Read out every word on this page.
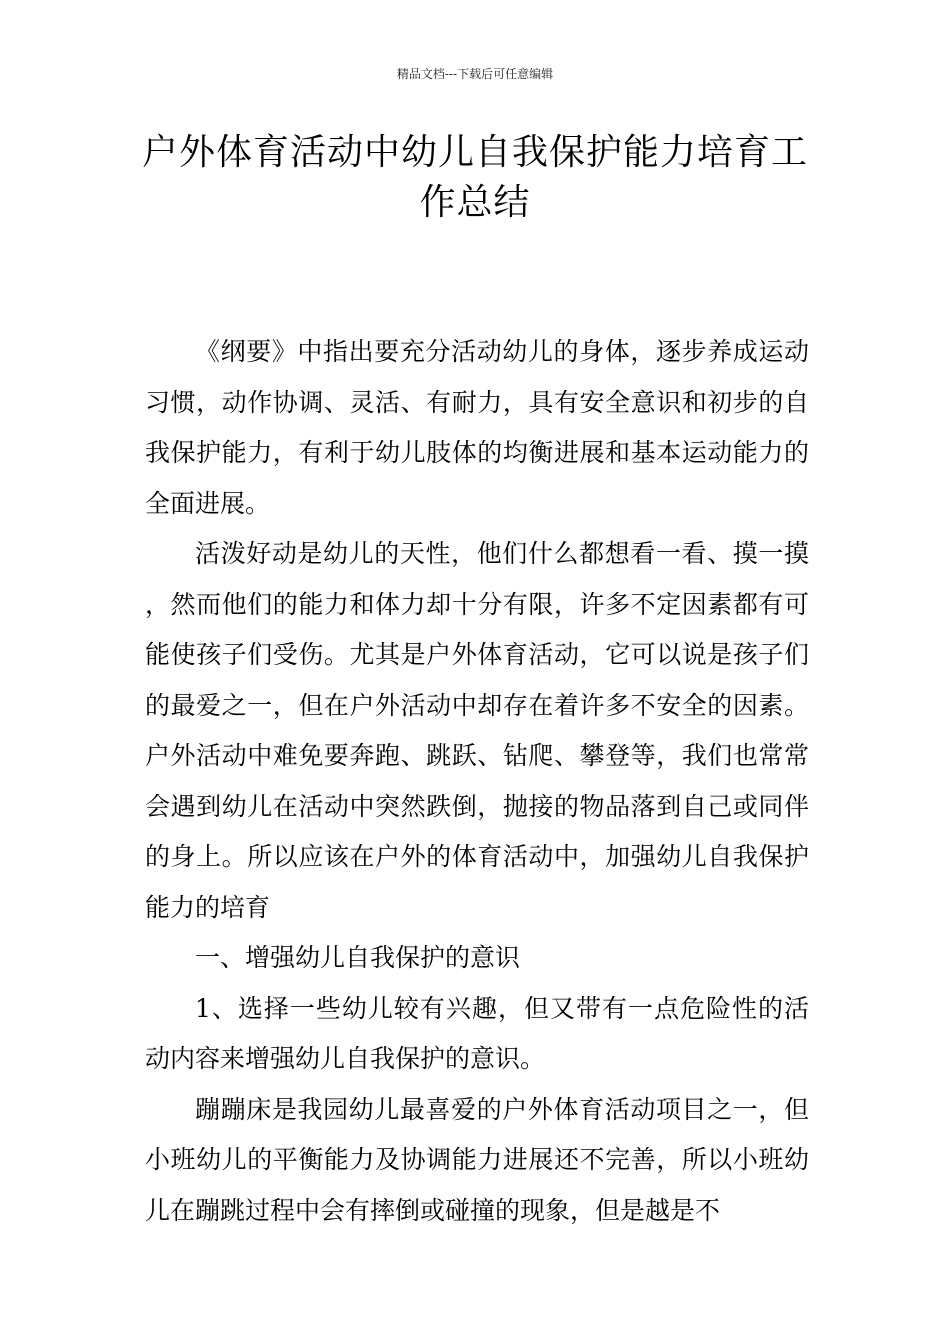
精品文档---下载后可任意编辑
户外体育活动中幼儿自我保护能力培育工作总结

《纲要》中指出要充分活动幼儿的身体，逐步养成运动习惯，动作协调、灵活、有耐力，具有安全意识和初步的自我保护能力，有利于幼儿肢体的均衡进展和基本运动能力的全面进展。

活泼好动是幼儿的天性，他们什么都想看一看、摸一摸，然而他们的能力和体力却十分有限，许多不定因素都有可能使孩子们受伤。尤其是户外体育活动，它可以说是孩子们的最爱之一，但在户外活动中却存在着许多不安全的因素。户外活动中难免要奔跑、跳跃、钻爬、攀登等，我们也常常会遇到幼儿在活动中突然跌倒，抛接的物品落到自己或同伴的身上。所以应该在户外的体育活动中，加强幼儿自我保护能力的培育

一、增强幼儿自我保护的意识

1、选择一些幼儿较有兴趣，但又带有一点危险性的活动内容来增强幼儿自我保护的意识。

蹦蹦床是我园幼儿最喜爱的户外体育活动项目之一，但小班幼儿的平衡能力及协调能力进展还不完善，所以小班幼儿在蹦跳过程中会有摔倒或碰撞的现象，但是越是不
